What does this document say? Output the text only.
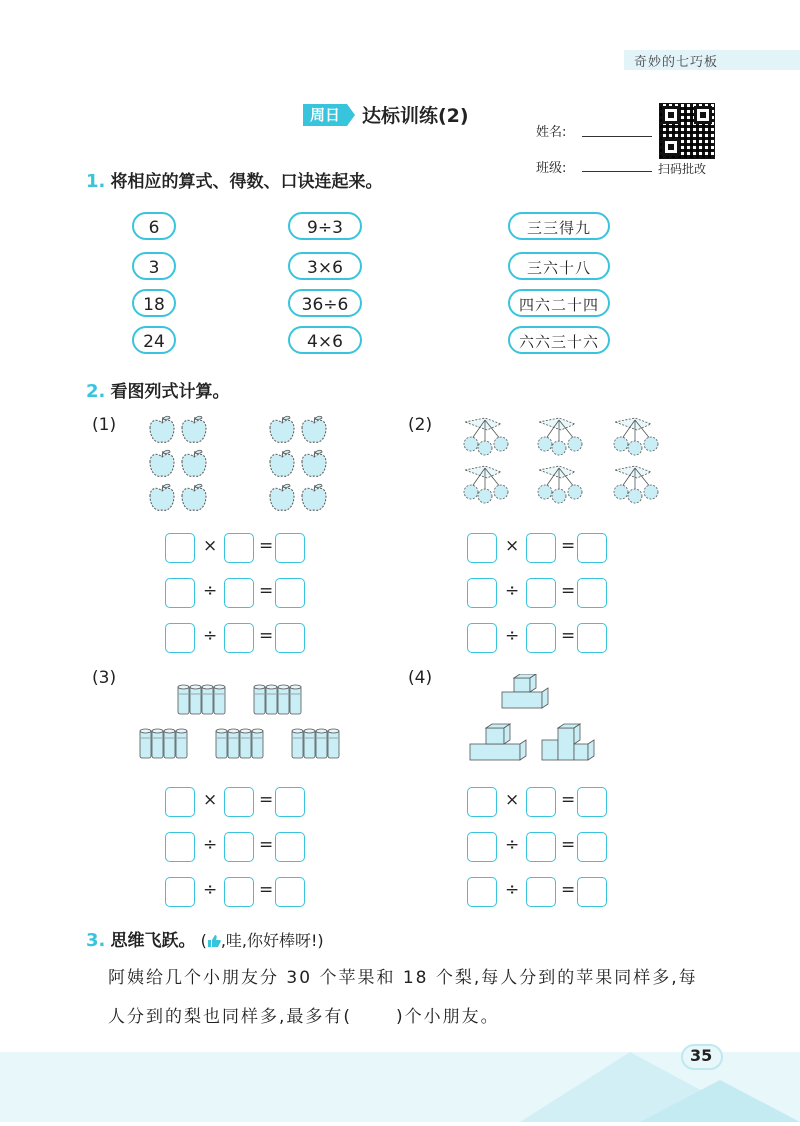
奇妙的七巧板
周日	达标训练(2)
姓名:
班级:	扫码批改
1. 将相应的算式、得数、口诀连起来。
6
3
18
24
9÷3
3×6
36÷6
4×6
三三得九
三六十八
四六二十四
六六三十六
2. 看图列式计算。
(1)	(2)
(3)	(4)
× =
÷ =
÷ =
× =
÷ =
÷ =
× =
÷ =
÷ =
× =
÷ =
÷ =
3. 思维飞跃。 ( ,哇,你好棒呀!)
阿姨给几个小朋友分 30 个苹果和 18 个梨,每人分到的苹果同样多,每
人分到的梨也同样多,最多有(	)个小朋友。
35
